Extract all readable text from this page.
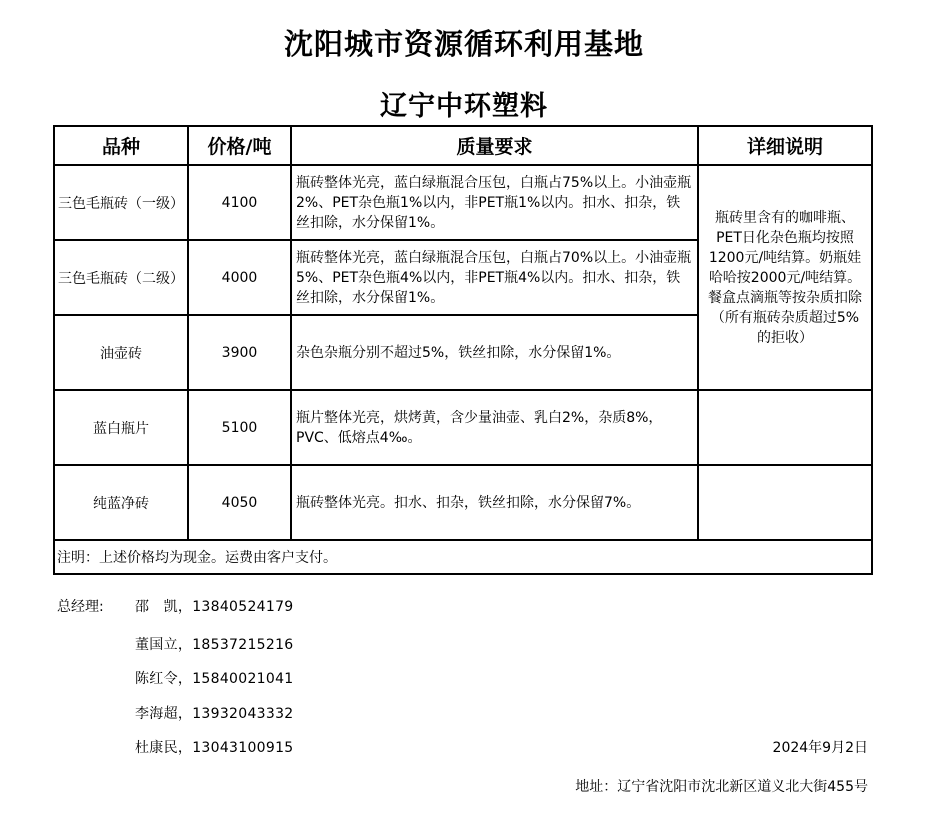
沈阳城市资源循环利用基地
辽宁中环塑料
品种	价格/吨	质量要求	详细说明
三色毛瓶砖（一级）	4100	瓶砖整体光亮，蓝白绿瓶混合压包，白瓶占75%以上。小油壶瓶2%、PET杂色瓶1%以内，非PET瓶1%以内。扣水、扣杂，铁丝扣除，水分保留1%。	瓶砖里含有的咖啡瓶、PET日化杂色瓶均按照1200元/吨结算。奶瓶娃哈哈按2000元/吨结算。餐盒点滴瓶等按杂质扣除（所有瓶砖杂质超过5%的拒收）
三色毛瓶砖（二级）	4000	瓶砖整体光亮，蓝白绿瓶混合压包，白瓶占70%以上。小油壶瓶5%、PET杂色瓶4%以内，非PET瓶4%以内。扣水、扣杂，铁丝扣除，水分保留1%。	
油壶砖	3900	杂色杂瓶分别不超过5%，铁丝扣除，水分保留1%。	
蓝白瓶片	5100	瓶片整体光亮，烘烤黄，含少量油壶、乳白2%，杂质8%，PVC、低熔点4‰。	
纯蓝净砖	4050	瓶砖整体光亮。扣水、扣杂，铁丝扣除，水分保留7%。	
注明：上述价格均为现金。运费由客户支付。			
总经理: 邵　凯，13840524179
董国立，18537215216
陈红令，15840021041
李海超，13932043332
杜康民，13043100915	2024年9月2日
地址：辽宁省沈阳市沈北新区道义北大街455号
